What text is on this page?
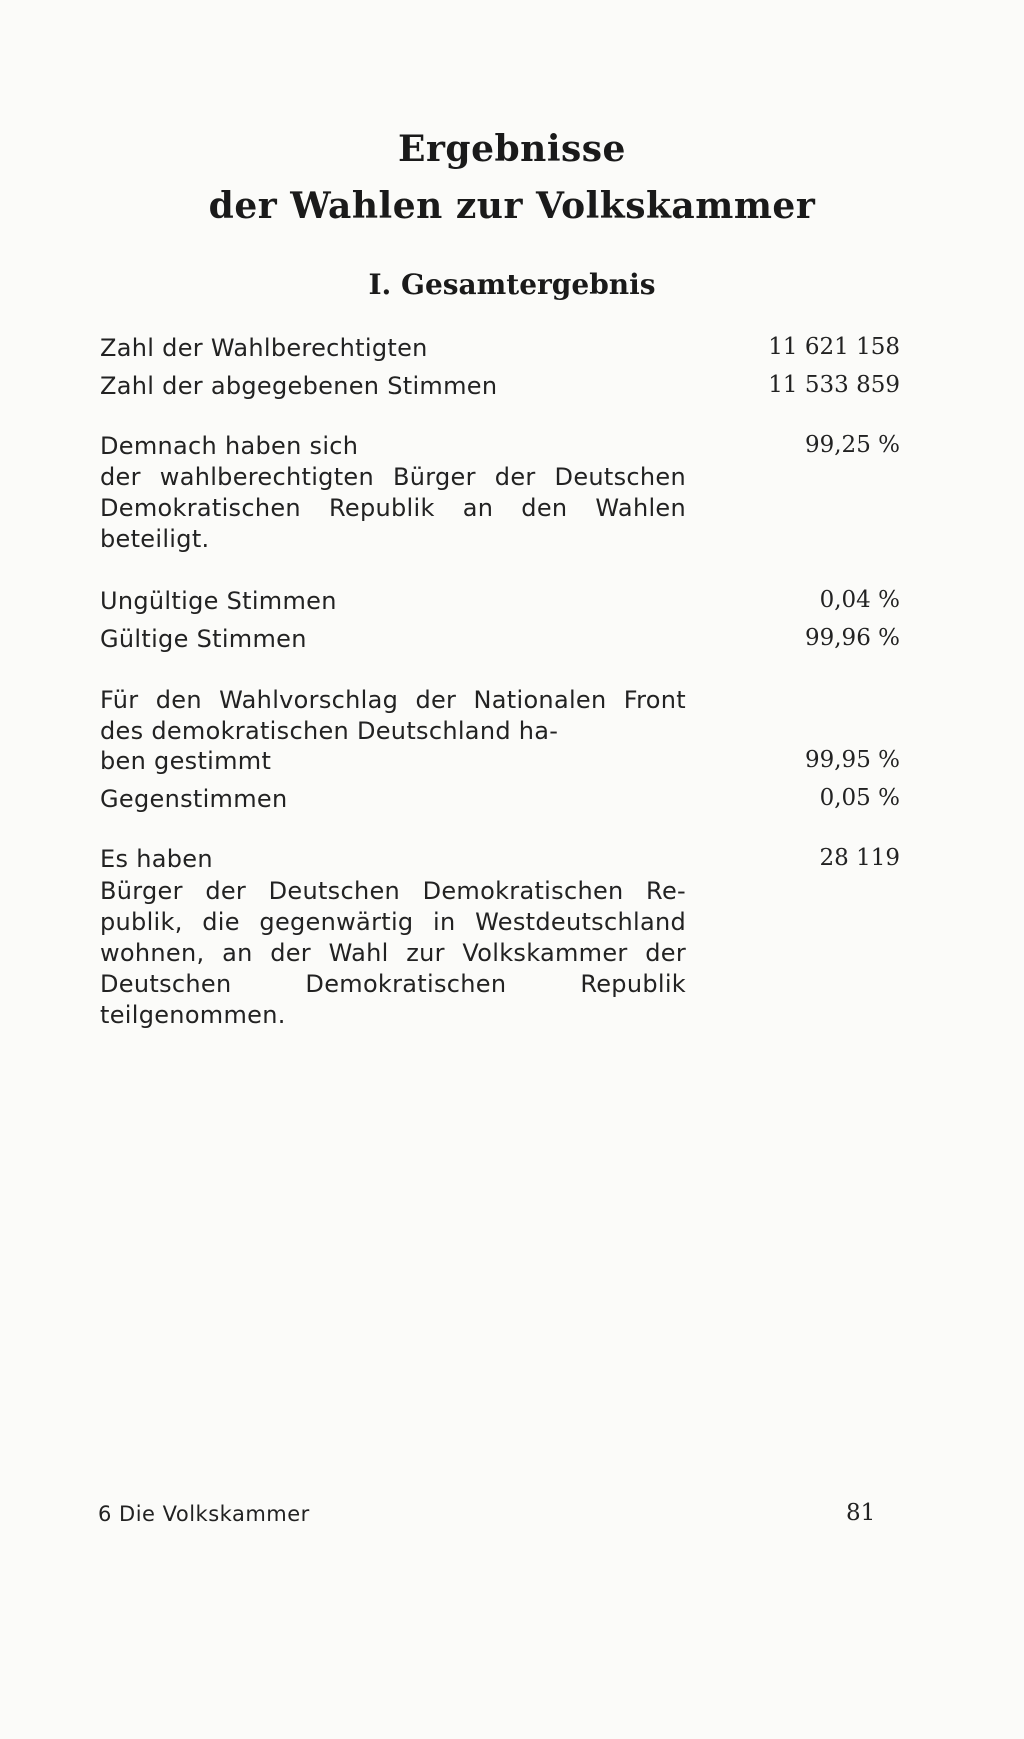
Ergebnisse
der Wahlen zur Volkskammer
I. Gesamtergebnis
Zahl der Wahlberechtigten	11 621 158
Zahl der abgegebenen Stimmen	11 533 859
Demnach haben sich	99,25 %
der wahlberechtigten Bürger der Deutschen Demokratischen Republik an den Wahlen beteiligt.
Ungültige Stimmen	0,04 %
Gültige Stimmen	99,96 %
Für den Wahlvorschlag der Nationalen Front des demokratischen Deutschland ha-
ben gestimmt	99,95 %
Gegenstimmen	0,05 %
Es haben	28 119
Bürger der Deutschen Demokratischen Re-publik, die gegenwärtig in Westdeutschland wohnen, an der Wahl zur Volkskammer der Deutschen Demokratischen Republik teilgenommen.
6 Die Volkskammer	81
